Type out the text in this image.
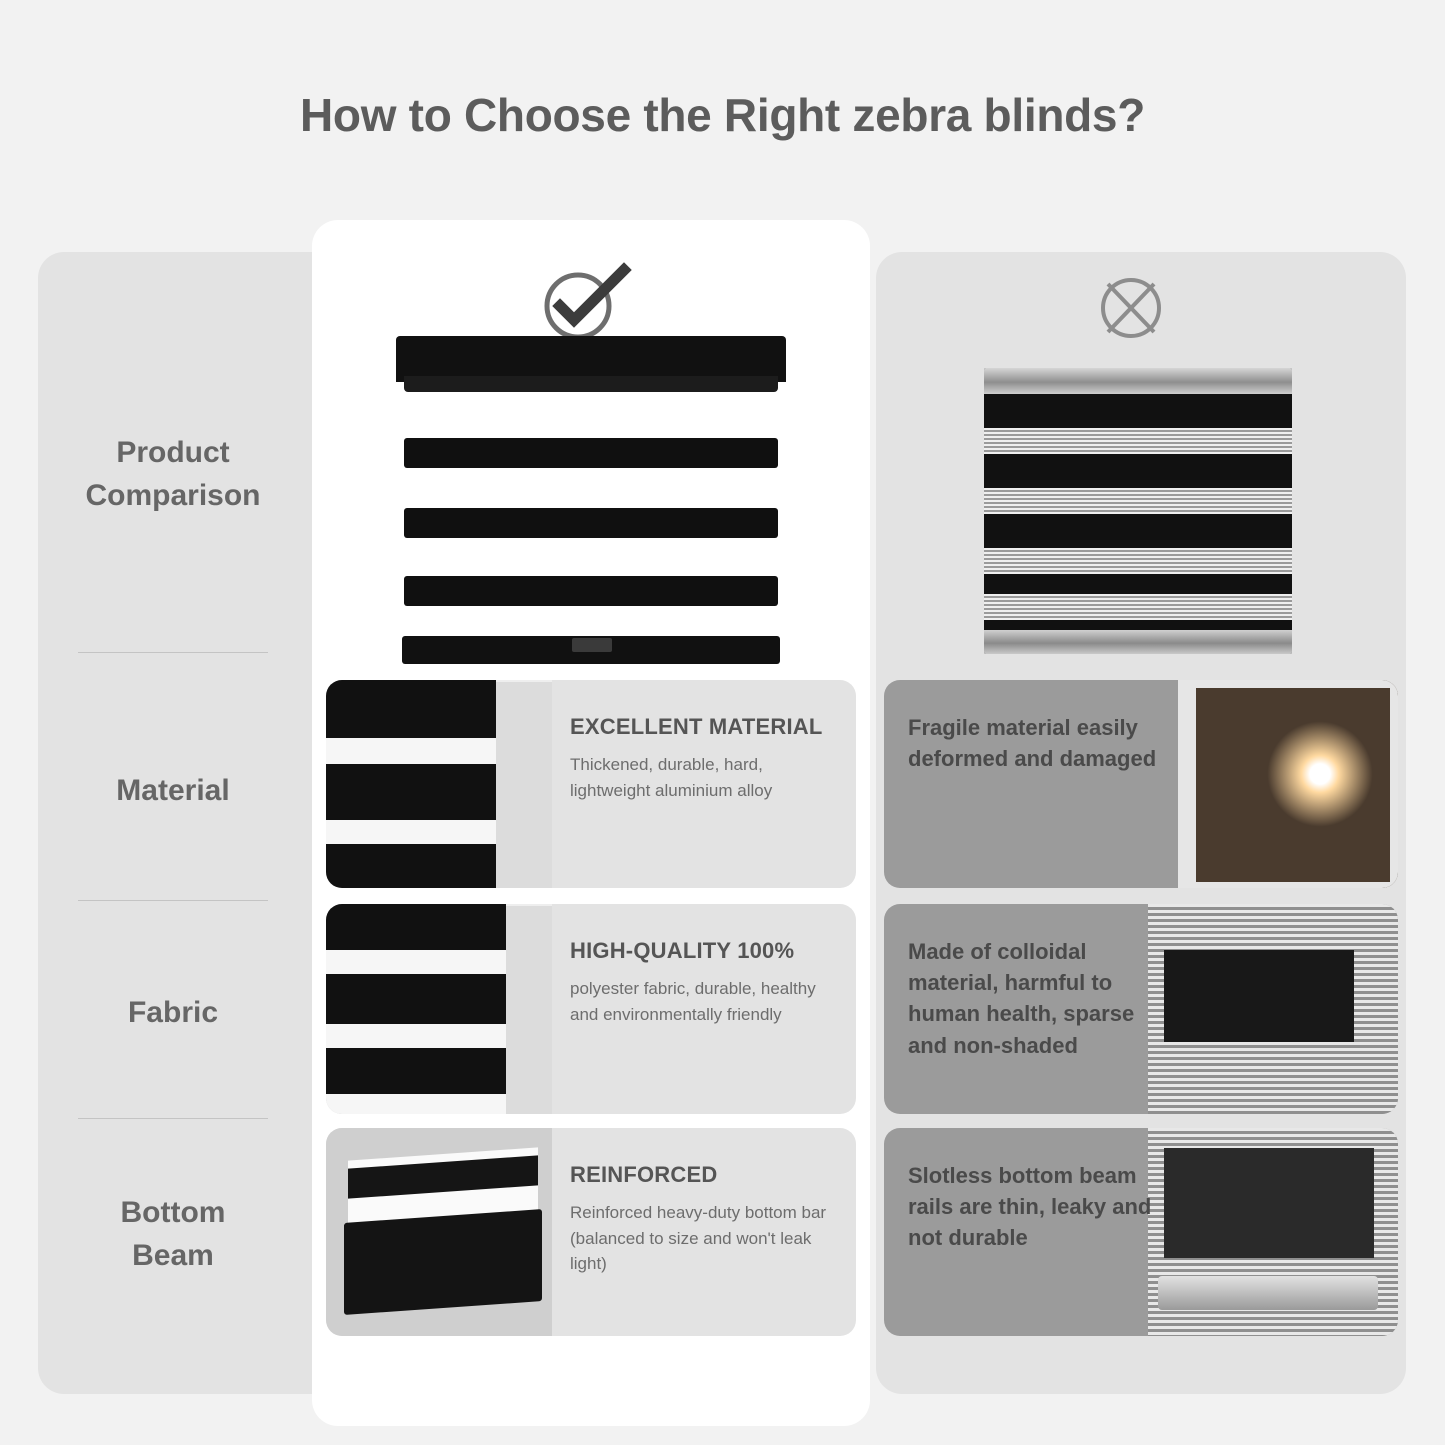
How to Choose the Right zebra blinds?
Product
Comparison
Material
Fabric
Bottom
Beam
EXCELLENT MATERIAL
Thickened, durable, hard, lightweight aluminium alloy
HIGH-QUALITY 100%
polyester fabric, durable, healthy and environmentally friendly
REINFORCED
Reinforced heavy-duty bottom bar (balanced to size and won't leak light)
Fragile material easily deformed and damaged
Made of colloidal material, harmful to human health, sparse and non-shaded
Slotless bottom beam rails are thin, leaky and not durable
